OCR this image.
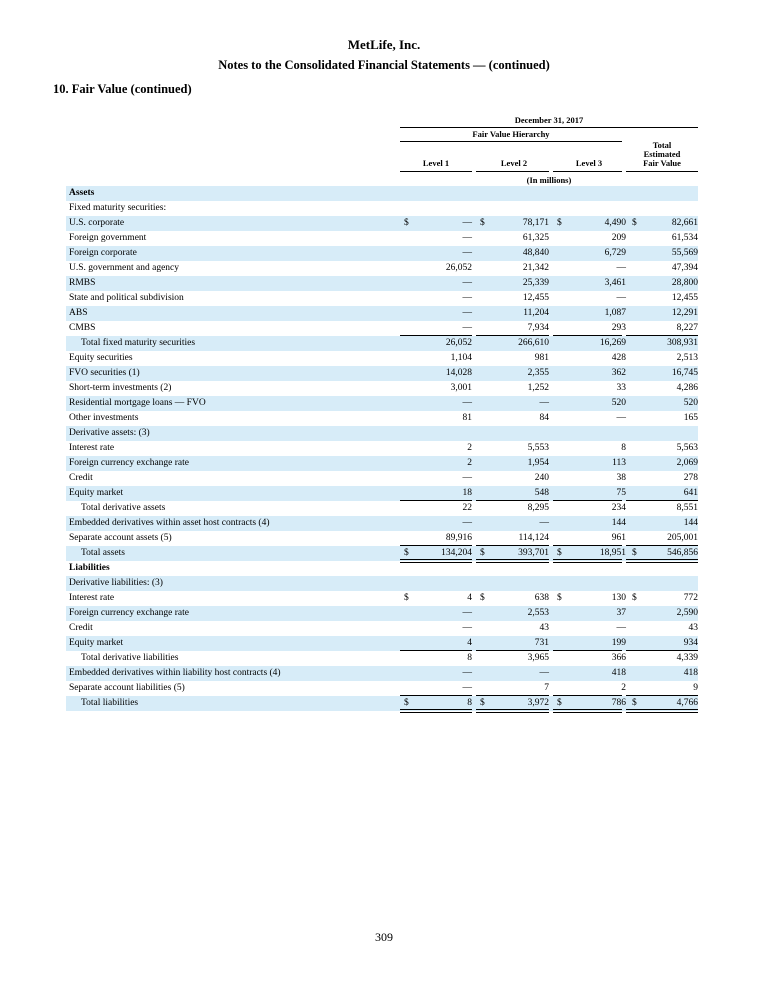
MetLife, Inc.
Notes to the Consolidated Financial Statements — (continued)
10. Fair Value (continued)
December 31, 2017
Fair Value Hierarchy
Level 1	Level 2	Level 3
Total
Estimated
Fair Value
(In millions)
Assets
Fixed maturity securities:
U.S. corporate	$	— $	78,171 $	4,490 $	82,661
Foreign government	—	61,325	209	61,534
Foreign corporate	—	48,840	6,729	55,569
U.S. government and agency	26,052	21,342	—	47,394
RMBS	—	25,339	3,461	28,800
State and political subdivision	—	12,455	—	12,455
ABS	—	11,204	1,087	12,291
CMBS	—	7,934	293	8,227
Total fixed maturity securities	26,052	266,610	16,269	308,931
Equity securities	1,104	981	428	2,513
FVO securities (1)	14,028	2,355	362	16,745
Short-term investments (2)	3,001	1,252	33	4,286
Residential mortgage loans — FVO	—	—	520	520
Other investments	81	84	—	165
Derivative assets: (3)
Interest rate	2	5,553	8	5,563
Foreign currency exchange rate	2	1,954	113	2,069
Credit	—	240	38	278
Equity market	18	548	75	641
Total derivative assets	22	8,295	234	8,551
Embedded derivatives within asset host contracts (4)	—	—	144	144
Separate account assets (5)	89,916	114,124	961	205,001
Total assets	$	134,204 $	393,701 $	18,951 $	546,856
Liabilities
Derivative liabilities: (3)
Interest rate	$	4 $	638 $	130 $	772
Foreign currency exchange rate	—	2,553	37	2,590
Credit	—	43	—	43
Equity market	4	731	199	934
Total derivative liabilities	8	3,965	366	4,339
Embedded derivatives within liability host contracts (4)	—	—	418	418
Separate account liabilities (5)	—	7	2	9
Total liabilities	$	8 $	3,972 $	786 $	4,766
309
